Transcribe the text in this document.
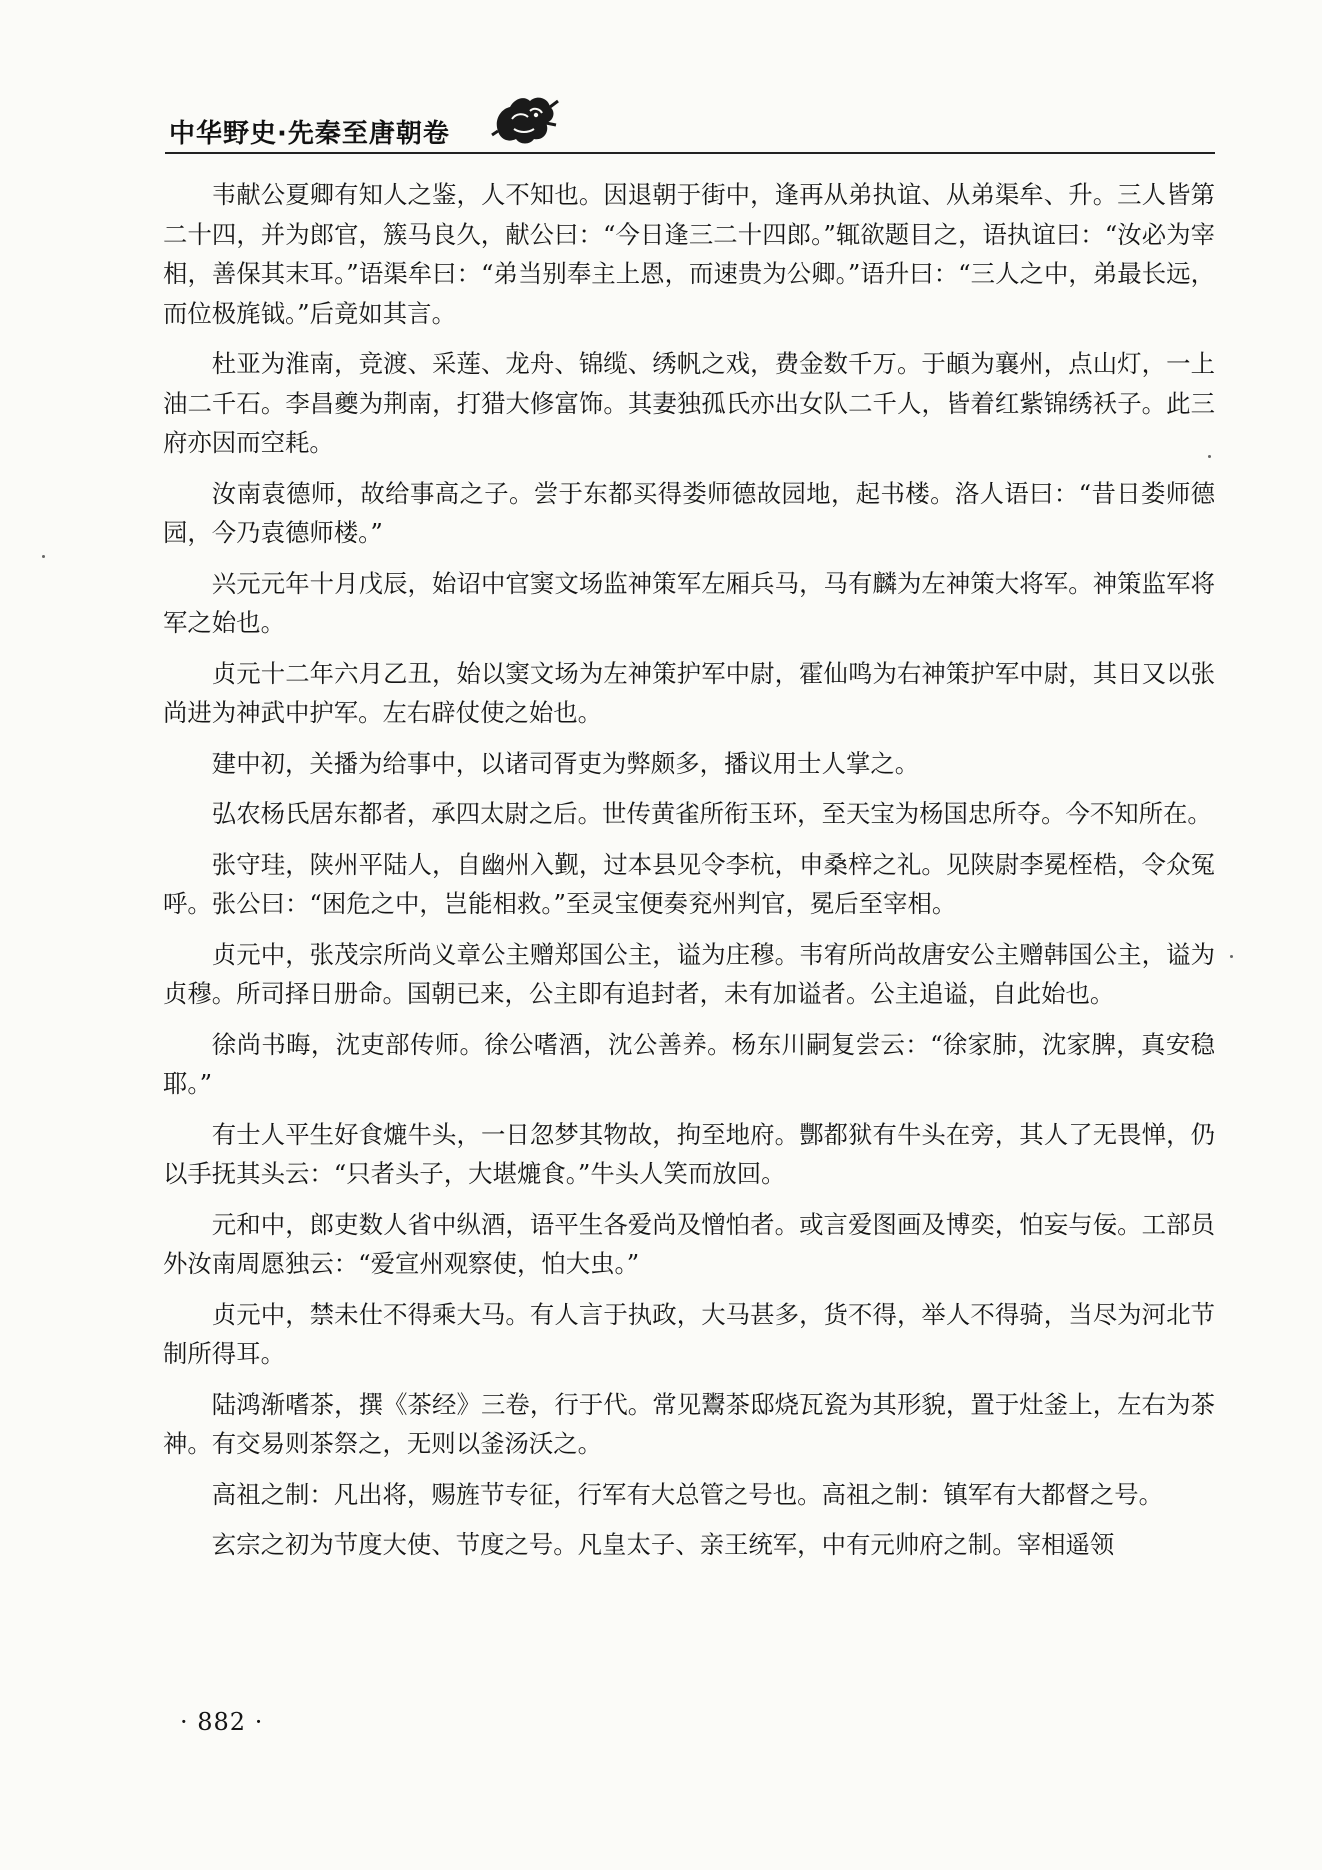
中华野史·先秦至唐朝卷

韦献公夏卿有知人之鉴，人不知也。因退朝于街中，逢再从弟执谊、从弟渠牟、升。三人皆第二十四，并为郎官，簇马良久，献公曰：“今日逢三二十四郎。”辄欲题目之，语执谊曰：“汝必为宰相，善保其末耳。”语渠牟曰：“弟当别奉主上恩，而速贵为公卿。”语升曰：“三人之中，弟最长远，而位极旄钺。”后竟如其言。

杜亚为淮南，竞渡、采莲、龙舟、锦缆、绣帆之戏，费金数千万。于頔为襄州，点山灯，一上油二千石。李昌夔为荆南，打猎大修富饰。其妻独孤氏亦出女队二千人，皆着红紫锦绣袄子。此三府亦因而空耗。

汝南袁德师，故给事高之子。尝于东都买得娄师德故园地，起书楼。洛人语曰：“昔日娄师德园，今乃袁德师楼。”

兴元元年十月戊辰，始诏中官窦文场监神策军左厢兵马，马有麟为左神策大将军。神策监军将军之始也。

贞元十二年六月乙丑，始以窦文场为左神策护军中尉，霍仙鸣为右神策护军中尉，其日又以张尚进为神武中护军。左右辟仗使之始也。

建中初，关播为给事中，以诸司胥吏为弊颇多，播议用士人掌之。

弘农杨氏居东都者，承四太尉之后。世传黄雀所衔玉环，至天宝为杨国忠所夺。今不知所在。

张守珪，陕州平陆人，自幽州入觐，过本县见令李杭，申桑梓之礼。见陕尉李冕桎梏，令众冤呼。张公曰：“困危之中，岂能相救。”至灵宝便奏兖州判官，冕后至宰相。

贞元中，张茂宗所尚义章公主赠郑国公主，谥为庄穆。韦宥所尚故唐安公主赠韩国公主，谥为贞穆。所司择日册命。国朝已来，公主即有追封者，未有加谥者。公主追谥，自此始也。

徐尚书晦，沈吏部传师。徐公嗜酒，沈公善养。杨东川嗣复尝云：“徐家肺，沈家脾，真安稳耶。”

有士人平生好食熝牛头，一日忽梦其物故，拘至地府。酆都狱有牛头在旁，其人了无畏惮，仍以手抚其头云：“只者头子，大堪熝食。”牛头人笑而放回。

元和中，郎吏数人省中纵酒，语平生各爱尚及憎怕者。或言爱图画及博奕，怕妄与佞。工部员外汝南周愿独云：“爱宣州观察使，怕大虫。”

贞元中，禁未仕不得乘大马。有人言于执政，大马甚多，货不得，举人不得骑，当尽为河北节制所得耳。

陆鸿渐嗜茶，撰《茶经》三卷，行于代。常见鬻茶邸烧瓦瓷为其形貌，置于灶釜上，左右为茶神。有交易则茶祭之，无则以釜汤沃之。

高祖之制：凡出将，赐旌节专征，行军有大总管之号也。高祖之制：镇军有大都督之号。

玄宗之初为节度大使、节度之号。凡皇太子、亲王统军，中有元帅府之制。宰相遥领

· 882 ·
